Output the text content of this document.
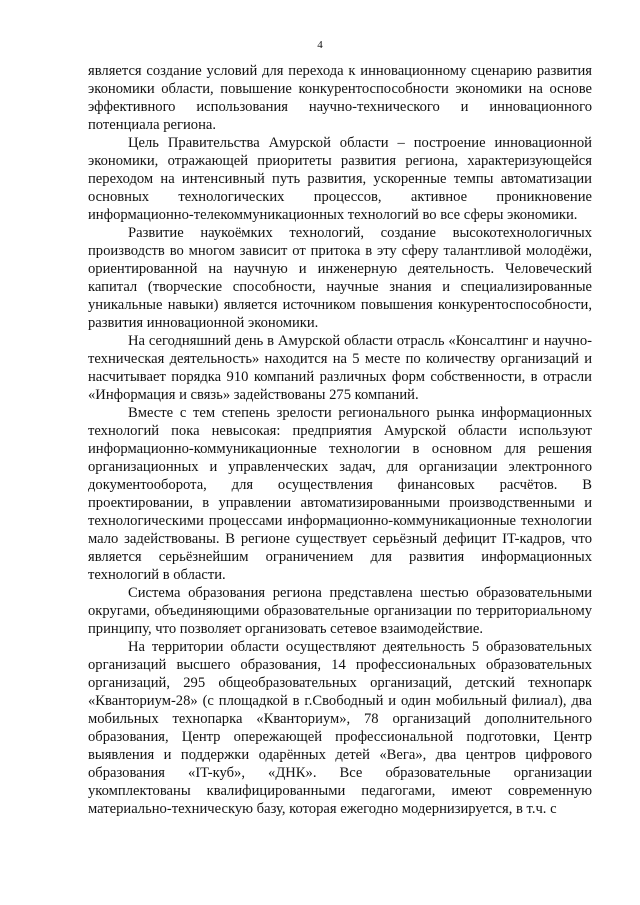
4

является создание условий для перехода к инновационному сценарию развития экономики области, повышение конкурентоспособности экономики на основе эффективного использования научно-технического и инновационного потенциала региона.

Цель Правительства Амурской области – построение инновационной экономики, отражающей приоритеты развития региона, характеризующейся переходом на интенсивный путь развития, ускоренные темпы автоматизации основных технологических процессов, активное проникновение информационно-телекоммуникационных технологий во все сферы экономики.

Развитие наукоёмких технологий, создание высокотехнологичных производств во многом зависит от притока в эту сферу талантливой молодёжи, ориентированной на научную и инженерную деятельность. Человеческий капитал (творческие способности, научные знания и специализированные уникальные навыки) является источником повышения конкурентоспособности, развития инновационной экономики.

На сегодняшний день в Амурской области отрасль «Консалтинг и научно-техническая деятельность» находится на 5 месте по количеству организаций и насчитывает порядка 910 компаний различных форм собственности, в отрасли «Информация и связь» задействованы 275 компаний.

Вместе с тем степень зрелости регионального рынка информационных технологий пока невысокая: предприятия Амурской области используют информационно-коммуникационные технологии в основном для решения организационных и управленческих задач, для организации электронного документооборота, для осуществления финансовых расчётов. В проектировании, в управлении автоматизированными производственными и технологическими процессами информационно-коммуникационные технологии мало задействованы. В регионе существует серьёзный дефицит IT-кадров, что является серьёзнейшим ограничением для развития информационных технологий в области.

Система образования региона представлена шестью образовательными округами, объединяющими образовательные организации по территориальному принципу, что позволяет организовать сетевое взаимодействие.

На территории области осуществляют деятельность 5 образовательных организаций высшего образования, 14 профессиональных образовательных организаций, 295 общеобразовательных организаций, детский технопарк «Кванториум-28» (с площадкой в г.Свободный и один мобильный филиал), два мобильных технопарка «Кванториум», 78 организаций дополнительного образования, Центр опережающей профессиональной подготовки, Центр выявления и поддержки одарённых детей «Вега», два центров цифрового образования «IT-куб», «ДНК». Все образовательные организации укомплектованы квалифицированными педагогами, имеют современную материально-техническую базу, которая ежегодно модернизируется, в т.ч. с
